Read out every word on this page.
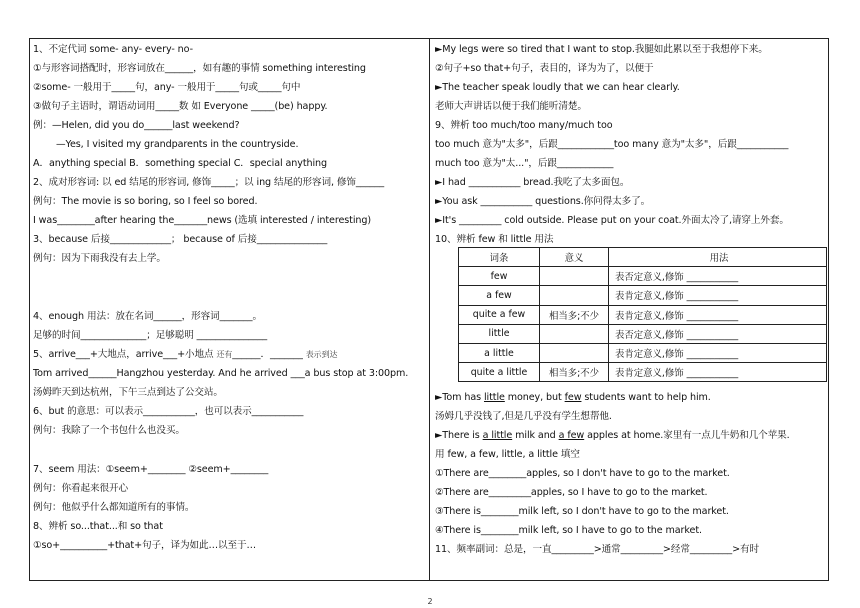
1、不定代词 some- any- every- no-
①与形容词搭配时，形容词放在______，如有趣的事情 something interesting
②some- 一般用于_____句，any- 一般用于_____句或_____句中
③做句子主语时，谓语动词用_____数 如 Everyone _____(be) happy.
例：—Helen, did you do______last weekend?
—Yes, I visited my grandparents in the countryside.
A．anything special B．something special C．special anything
2、成对形容词: 以 ed 结尾的形容词, 修饰_____；以 ing 结尾的形容词, 修饰______
例句：The movie is so boring, so I feel so bored.
I was________after hearing the_______news (选填 interested / interesting)
3、because 后接_____________； because of 后接_______________
例句：因为下雨我没有去上学。
4、enough 用法：放在名词______，形容词_______。
足够的时间______________；足够聪明 _______________
5、arrive___+大地点，arrive___+小地点 还有______．_______ 表示到达
Tom arrived______Hangzhou yesterday. And he arrived ___a bus stop at 3:00pm.
汤姆昨天到达杭州，下午三点到达了公交站。
6、but 的意思：可以表示___________，也可以表示___________
例句：我除了一个书包什么也没买。
7、seem 用法：①seem+________ ②seem+________
例句：你看起来很开心
例句：他似乎什么都知道所有的事情。
8、辨析 so...that...和 so that
①so+__________+that+句子，译为如此…以至于…
►My legs were so tired that I want to stop.我腿如此累以至于我想停下来。
②句子+so that+句子，表目的，译为为了，以便于
►The teacher speak loudly that we can hear clearly.
老师大声讲话以便于我们能听清楚。
9、辨析 too much/too many/much too
too much 意为"太多"，后跟____________too many 意为"太多"，后跟___________
much too 意为"太..."，后跟____________
►I had ___________ bread.我吃了太多面包。
►You ask ___________ questions.你问得太多了。
►It's _________ cold outside. Please put on your coat.外面太冷了,请穿上外套。
10、辨析 few 和 little 用法
词条	意义	用法
few		表否定意义,修饰 ___________
a few		表肯定意义,修饰 ___________
quite a few	相当多;不少	表肯定意义,修饰 ___________
little		表否定意义,修饰 ___________
a little		表肯定意义,修饰 ___________
quite a little	相当多;不少	表肯定意义,修饰 ___________
►Tom has little money, but few students want to help him.
汤姆几乎没钱了,但是几乎没有学生想帮他.
►There is a little milk and a few apples at home.家里有一点儿牛奶和几个苹果.
用 few, a few, little, a little 填空
①There are________apples, so I don't have to go to the market.
②There are_________apples, so I have to go to the market.
③There is________milk left, so I don't have to go to the market.
④There is________milk left, so I have to go to the market.
11、频率副词：总是，一直_________>通常_________>经常_________>有时
2
